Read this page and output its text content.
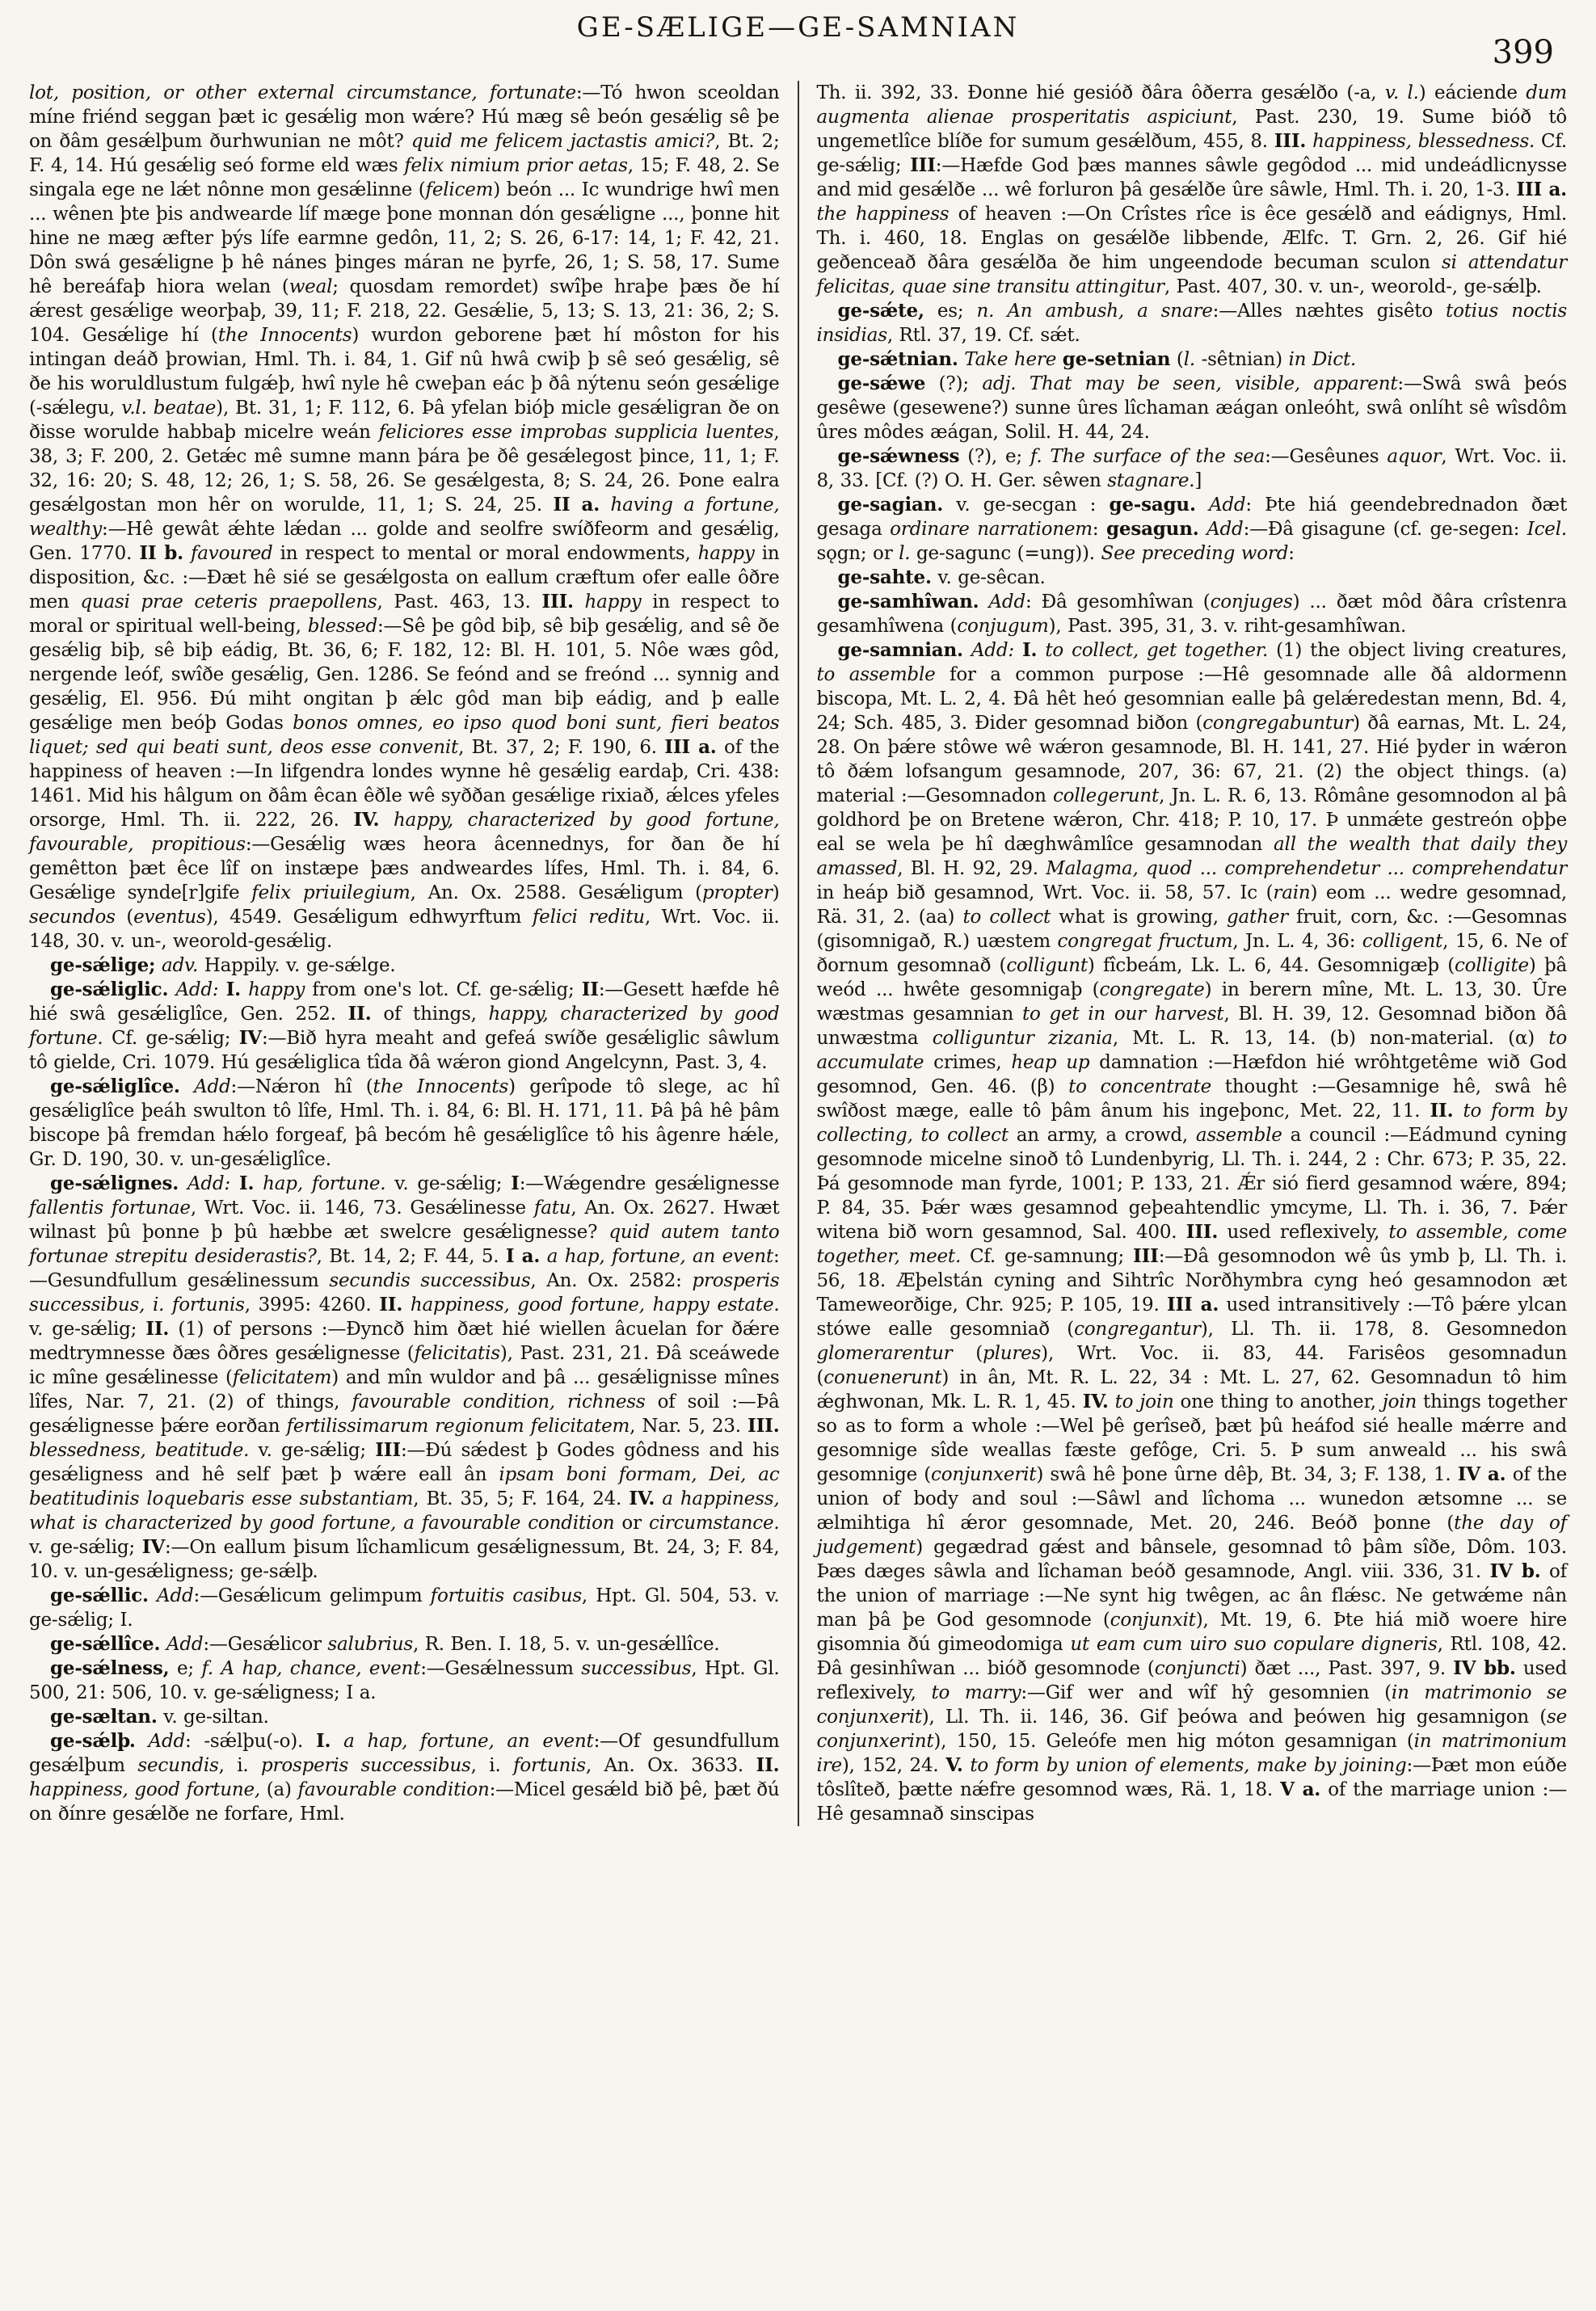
GE-SÆLIGE—GE-SAMNIAN
399

lot, position, or other external circumstance, fortunate:—Tó hwon sceoldan míne friénd seggan þæt ic gesǽlig mon wǽre? Hú mæg sê beón gesǽlig sê þe on ðâm gesǽlþum ðurhwunian ne môt? quid me felicem jactastis amici?, Bt. 2; F. 4, 14. Hú gesǽlig seó forme eld wæs felix nimium prior aetas, 15; F. 48, 2. Se singala ege ne lǽt nônne mon gesǽlinne (felicem) beón ... Ic wundrige hwî men ... wênen þte þis andwearde líf mæge þone monnan dón gesǽligne ..., þonne hit hine ne mæg æfter þýs lífe earmne gedôn, 11, 2; S. 26, 6-17: 14, 1; F. 42, 21. Dôn swá gesǽligne þ hê nánes þinges máran ne þyrfe, 26, 1; S. 58, 17. Sume hê bereáfaþ hiora welan (weal; quosdam remordet) swîþe hraþe þæs ðe hí ǽrest gesǽlige weorþaþ, 39, 11; F. 218, 22. Gesǽlie, 5, 13; S. 13, 21: 36, 2; S. 104. Gesǽlige hí (the Innocents) wurdon geborene þæt hí môston for his intingan deáð þrowian, Hml. Th. i. 84, 1. Gif nû hwâ cwiþ þ sê seó gesǽlig, sê ðe his woruldlustum fulgǽþ, hwî nyle hê cweþan eác þ ðâ nýtenu seón gesǽlige (-sǽlegu, v.l. beatae), Bt. 31, 1; F. 112, 6. Þâ yfelan bióþ micle gesǽligran ðe on ðisse worulde habbaþ micelre weán feliciores esse improbas supplicia luentes, 38, 3; F. 200, 2. Getǽc mê sumne mann þára þe ðê gesǽlegost þince, 11, 1; F. 32, 16: 20; S. 48, 12; 26, 1; S. 58, 26. Se gesǽlgesta, 8; S. 24, 26. Þone ealra gesǽlgostan mon hêr on worulde, 11, 1; S. 24, 25. II a. having a fortune, wealthy:—Hê gewât ǽhte lǽdan ... golde and seolfre swíðfeorm and gesǽlig, Gen. 1770. II b. favoured in respect to mental or moral endowments, happy in disposition, &c. :—Ðæt hê sié se gesǽlgosta on eallum cræftum ofer ealle ôðre men quasi prae ceteris praepollens, Past. 463, 13. III. happy in respect to moral or spiritual well-being, blessed:—Sê þe gôd biþ, sê biþ gesǽlig, and sê ðe gesǽlig biþ, sê biþ eádig, Bt. 36, 6; F. 182, 12: Bl. H. 101, 5. Nôe wæs gôd, nergende leóf, swîðe gesǽlig, Gen. 1286. Se feónd and se freónd ... synnig and gesǽlig, El. 956. Ðú miht ongitan þ ǽlc gôd man biþ eádig, and þ ealle gesǽlige men beóþ Godas bonos omnes, eo ipso quod boni sunt, fieri beatos liquet; sed qui beati sunt, deos esse convenit, Bt. 37, 2; F. 190, 6. III a. of the happiness of heaven :—In lifgendra londes wynne hê gesǽlig eardaþ, Cri. 438: 1461. Mid his hâlgum on ðâm êcan êðle wê syððan gesǽlige rixiað, ǽlces yfeles orsorge, Hml. Th. ii. 222, 26. IV. happy, characterized by good fortune, favourable, propitious:—Gesǽlig wæs heora âcennednys, for ðan ðe hí gemêtton þæt êce lîf on instæpe þæs andweardes lífes, Hml. Th. i. 84, 6. Gesǽlige synde[r]gife felix priuilegium, An. Ox. 2588. Gesǽligum (propter) secundos (eventus), 4549. Gesǽligum edhwyrftum felici reditu, Wrt. Voc. ii. 148, 30. v. un-, weorold-gesǽlig.

ge-sǽlige; adv. Happily. v. ge-sǽlge.

ge-sǽliglic. Add: I. happy from one's lot. Cf. ge-sǽlig; II:—Gesett hæfde hê hié swâ gesǽliglîce, Gen. 252. II. of things, happy, characterized by good fortune. Cf. ge-sǽlig; IV:—Bið hyra meaht and gefeá swíðe gesǽliglic sâwlum tô gielde, Cri. 1079. Hú gesǽliglica tîda ðâ wǽron giond Angelcynn, Past. 3, 4.

ge-sǽliglîce. Add:—Nǽron hî (the Innocents) gerîpode tô slege, ac hî gesǽliglîce þeáh swulton tô lîfe, Hml. Th. i. 84, 6: Bl. H. 171, 11. Þâ þâ hê þâm biscope þâ fremdan hǽlo forgeaf, þâ becóm hê gesǽliglîce tô his âgenre hǽle, Gr. D. 190, 30. v. un-gesǽliglîce.

ge-sǽlignes. Add: I. hap, fortune. v. ge-sǽlig; I:—Wǽgendre gesǽlignesse fallentis fortunae, Wrt. Voc. ii. 146, 73. Gesǽlinesse fatu, An. Ox. 2627. Hwæt wilnast þû þonne þ þû hæbbe æt swelcre gesǽlignesse? quid autem tanto fortunae strepitu desiderastis?, Bt. 14, 2; F. 44, 5. I a. a hap, fortune, an event:—Gesundfullum gesǽlinessum secundis successibus, An. Ox. 2582: prosperis successibus, i. fortunis, 3995: 4260. II. happiness, good fortune, happy estate. v. ge-sǽlig; II. (1) of persons :—Ðyncð him ðæt hié wiellen âcuelan for ðǽre medtrymnesse ðæs ôðres gesǽlignesse (felicitatis), Past. 231, 21. Ðâ sceáwede ic mîne gesǽlinesse (felicitatem) and mîn wuldor and þâ ... gesǽlignisse mînes lîfes, Nar. 7, 21. (2) of things, favourable condition, richness of soil :—Þâ gesǽlignesse þǽre eorðan fertilissimarum regionum felicitatem, Nar. 5, 23. III. blessedness, beatitude. v. ge-sǽlig; III:—Ðú sǽdest þ Godes gôdness and his gesǽligness and hê self þæt þ wǽre eall ân ipsam boni formam, Dei, ac beatitudinis loquebaris esse substantiam, Bt. 35, 5; F. 164, 24. IV. a happiness, what is characterized by good fortune, a favourable condition or circumstance. v. ge-sǽlig; IV:—On eallum þisum lîchamlicum gesǽlignessum, Bt. 24, 3; F. 84, 10. v. un-gesǽligness; ge-sǽlþ.

ge-sǽllic. Add:—Gesǽlicum gelimpum fortuitis casibus, Hpt. Gl. 504, 53. v. ge-sǽlig; I.

ge-sǽllîce. Add:—Gesǽlicor salubrius, R. Ben. I. 18, 5. v. un-gesǽllîce.

ge-sǽlness, e; f. A hap, chance, event:—Gesǽlnessum successibus, Hpt. Gl. 500, 21: 506, 10. v. ge-sǽligness; I a.

ge-sæltan. v. ge-siltan.

ge-sǽlþ. Add: -sǽlþu(-o). I. a hap, fortune, an event:—Of gesundfullum gesǽlþum secundis, i. prosperis successibus, i. fortunis, An. Ox. 3633. II. happiness, good fortune, (a) favourable condition:—Micel gesǽld bið þê, þæt ðú on ðínre gesǽlðe ne forfare, Hml.

Th. ii. 392, 33. Ðonne hié gesióð ðâra ôðerra gesǽlðo (-a, v. l.) eáciende dum augmenta alienae prosperitatis aspiciunt, Past. 230, 19. Sume bióð tô ungemetlîce blíðe for sumum gesǽlðum, 455, 8. III. happiness, blessedness. Cf. ge-sǽlig; III:—Hæfde God þæs mannes sâwle gegôdod ... mid undeádlicnysse and mid gesǽlðe ... wê forluron þâ gesǽlðe ûre sâwle, Hml. Th. i. 20, 1-3. III a. the happiness of heaven :—On Crîstes rîce is êce gesǽlð and eádignys, Hml. Th. i. 460, 18. Englas on gesǽlðe libbende, Ælfc. T. Grn. 2, 26. Gif hié geðenceað ðâra gesǽlða ðe him ungeendode becuman sculon si attendatur felicitas, quae sine transitu attingitur, Past. 407, 30. v. un-, weorold-, ge-sǽlþ.

ge-sǽte, es; n. An ambush, a snare:—Alles næhtes gisêto totius noctis insidias, Rtl. 37, 19. Cf. sǽt.

ge-sǽtnian. Take here ge-setnian (l. -sêtnian) in Dict.

ge-sǽwe (?); adj. That may be seen, visible, apparent:—Swâ swâ þeós gesêwe (gesewene?) sunne ûres lîchaman æágan onleóht, swâ onlíht sê wîsdôm ûres môdes æágan, Solil. H. 44, 24.

ge-sǽwness (?), e; f. The surface of the sea:—Gesêunes aquor, Wrt. Voc. ii. 8, 33. [Cf. (?) O. H. Ger. sêwen stagnare.]

ge-sagian. v. ge-secgan : ge-sagu. Add: Þte hiá geendebrednadon ðæt gesaga ordinare narrationem: gesagun. Add:—Ðâ gisagune (cf. ge-segen: Icel. sǫgn; or l. ge-sagunc (=ung)). See preceding word:

ge-sahte. v. ge-sêcan.

ge-samhîwan. Add: Ðâ gesomhîwan (conjuges) ... ðæt môd ðâra crîstenra gesamhîwena (conjugum), Past. 395, 31, 3. v. riht-gesamhîwan.

ge-samnian. Add: I. to collect, get together. (1) the object living creatures, to assemble for a common purpose :—Hê gesomnade alle ðâ aldormenn biscopa, Mt. L. 2, 4. Ðâ hêt heó gesomnian ealle þâ gelǽredestan menn, Bd. 4, 24; Sch. 485, 3. Ðider gesomnad biðon (congregabuntur) ðâ earnas, Mt. L. 24, 28. On þǽre stôwe wê wǽron gesamnode, Bl. H. 141, 27. Hié þyder in wǽron tô ðǽm lofsangum gesamnode, 207, 36: 67, 21. (2) the object things. (a) material :—Gesomnadon collegerunt, Jn. L. R. 6, 13. Rômâne gesomnodon al þâ goldhord þe on Bretene wǽron, Chr. 418; P. 10, 17. Þ unmǽte gestreón oþþe eal se wela þe hî dæghwâmlîce gesamnodan all the wealth that daily they amassed, Bl. H. 92, 29. Malagma, quod ... comprehendetur ... comprehendatur in heáp bið gesamnod, Wrt. Voc. ii. 58, 57. Ic (rain) eom ... wedre gesomnad, Rä. 31, 2. (aa) to collect what is growing, gather fruit, corn, &c. :—Gesomnas (gisomnigað, R.) uæstem congregat fructum, Jn. L. 4, 36: colligent, 15, 6. Ne of ðornum gesomnað (colligunt) fîcbeám, Lk. L. 6, 44. Gesomnigæþ (colligite) þâ weód ... hwête gesomnigaþ (congregate) in berern mîne, Mt. L. 13, 30. Ûre wæstmas gesamnian to get in our harvest, Bl. H. 39, 12. Gesomnad biðon ðâ unwæstma colliguntur zizania, Mt. L. R. 13, 14. (b) non-material. (α) to accumulate crimes, heap up damnation :—Hæfdon hié wrôhtgetême wið God gesomnod, Gen. 46. (β) to concentrate thought :—Gesamnige hê, swâ hê swîðost mæge, ealle tô þâm ânum his ingeþonc, Met. 22, 11. II. to form by collecting, to collect an army, a crowd, assemble a council :—Eádmund cyning gesomnode micelne sinoð tô Lundenbyrig, Ll. Th. i. 244, 2 : Chr. 673; P. 35, 22. Þá gesomnode man fyrde, 1001; P. 133, 21. Ǽr sió fierd gesamnod wǽre, 894; P. 84, 35. Þǽr wæs gesamnod geþeahtendlic ymcyme, Ll. Th. i. 36, 7. Þǽr witena bið worn gesamnod, Sal. 400. III. used reflexively, to assemble, come together, meet. Cf. ge-samnung; III:—Ðâ gesomnodon wê ûs ymb þ, Ll. Th. i. 56, 18. Æþelstán cyning and Sihtrîc Norðhymbra cyng heó gesamnodon æt Tameweorðige, Chr. 925; P. 105, 19. III a. used intransitively :—Tô þǽre ylcan stówe ealle gesomniað (congregantur), Ll. Th. ii. 178, 8. Gesomnedon glomerarentur (plures), Wrt. Voc. ii. 83, 44. Farisêos gesomnadun (conuenerunt) in ân, Mt. R. L. 22, 34 : Mt. L. 27, 62. Gesomnadun tô him ǽghwonan, Mk. L. R. 1, 45. IV. to join one thing to another, join things together so as to form a whole :—Wel þê gerîseð, þæt þû heáfod sié healle mǽrre and gesomnige sîde weallas fæste gefôge, Cri. 5. Þ sum anweald ... his swâ gesomnige (conjunxerit) swâ hê þone ûrne dêþ, Bt. 34, 3; F. 138, 1. IV a. of the union of body and soul :—Sâwl and lîchoma ... wunedon ætsomne ... se ælmihtiga hî ǽror gesomnade, Met. 20, 246. Beóð þonne (the day of judgement) gegædrad gǽst and bânsele, gesomnad tô þâm sîðe, Dôm. 103. Þæs dæges sâwla and lîchaman beóð gesamnode, Angl. viii. 336, 31. IV b. of the union of marriage :—Ne synt hig twêgen, ac ân flǽsc. Ne getwǽme nân man þâ þe God gesomnode (conjunxit), Mt. 19, 6. Þte hiá mið woere hire gisomnia ðú gimeodomiga ut eam cum uiro suo copulare digneris, Rtl. 108, 42. Ðâ gesinhîwan ... bióð gesomnode (conjuncti) ðæt ..., Past. 397, 9. IV bb. used reflexively, to marry:—Gif wer and wîf hŷ gesomnien (in matrimonio se conjunxerit), Ll. Th. ii. 146, 36. Gif þeówa and þeówen hig gesamnigon (se conjunxerint), 150, 15. Geleófe men hig móton gesamnigan (in matrimonium ire), 152, 24. V. to form by union of elements, make by joining:—Þæt mon eúðe tôslîteð, þætte nǽfre gesomnod wæs, Rä. 1, 18. V a. of the marriage union :—Hê gesamnað sinscipas
